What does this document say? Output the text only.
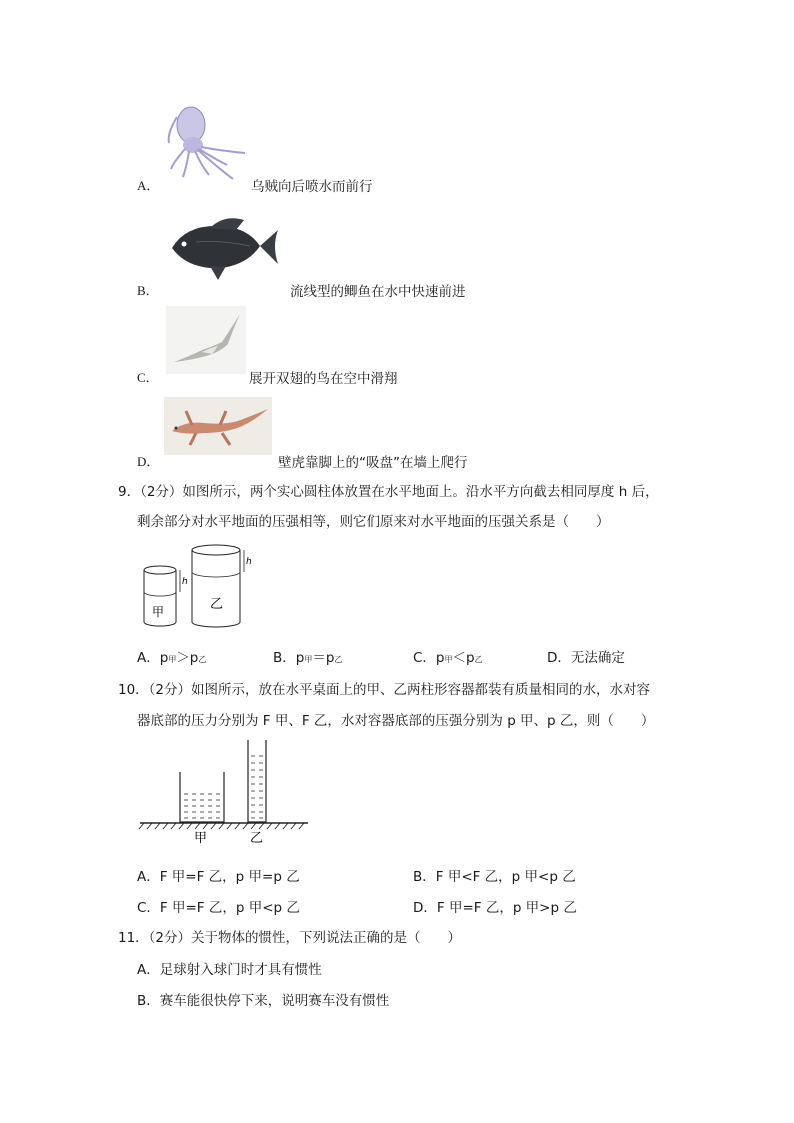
A．	乌贼向后喷水而前行
B．	流线型的鲫鱼在水中快速前进
C．	展开双翅的鸟在空中滑翔
D．	壁虎靠脚上的“吸盘”在墙上爬行
9．（2分）如图所示，两个实心圆柱体放置在水平地面上。沿水平方向截去相同厚度 h 后，
剩余部分对水平地面的压强相等，则它们原来对水平地面的压强关系是（　　）
h
甲
h
乙
A．p甲＞p乙	B．p甲＝p乙	C．p甲＜p乙	D．无法确定
10．（2分）如图所示，放在水平桌面上的甲、乙两柱形容器都装有质量相同的水，水对容
器底部的压力分别为 F 甲、F 乙，水对容器底部的压强分别为 p 甲、p 乙，则（　　）
甲	乙
A．F 甲=F 乙，p 甲=p 乙	B．F 甲<F 乙，p 甲<p 乙
C．F 甲=F 乙，p 甲<p 乙	D．F 甲=F 乙，p 甲>p 乙
11．（2分）关于物体的惯性，下列说法正确的是（　　）
A．足球射入球门时才具有惯性
B．赛车能很快停下来，说明赛车没有惯性
